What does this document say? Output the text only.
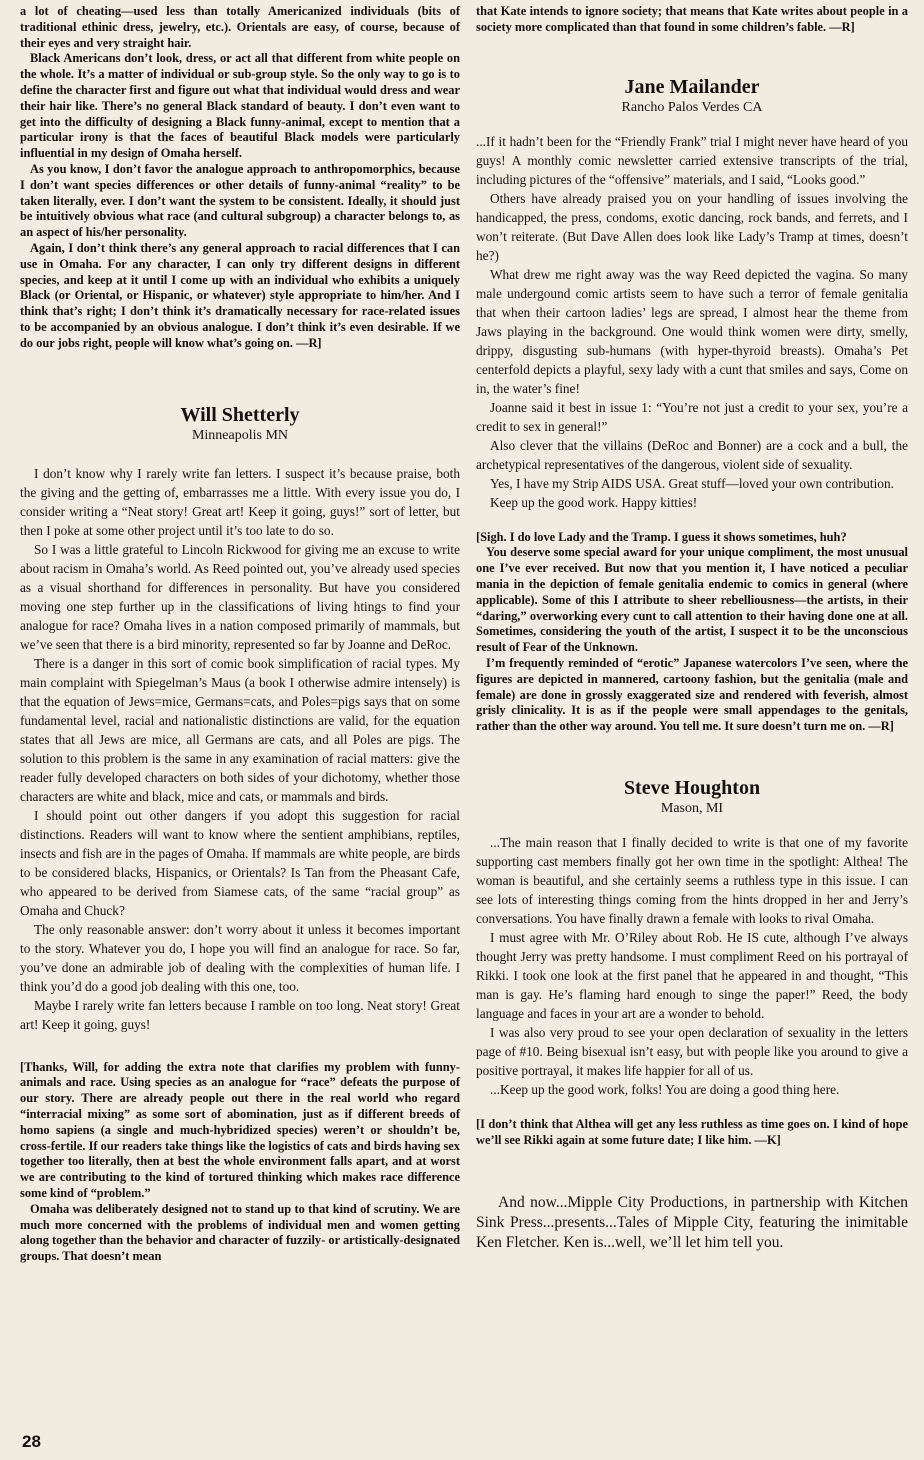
a lot of cheating—used less than totally Americanized individuals (bits of traditional ethinic dress, jewelry, etc.). Orientals are easy, of course, because of their eyes and very straight hair.

Black Americans don’t look, dress, or act all that different from white people on the whole. It’s a matter of individual or sub-group style. So the only way to go is to define the character first and figure out what that individual would dress and wear their hair like. There’s no general Black standard of beauty. I don’t even want to get into the difficulty of designing a Black funny-animal, except to mention that a particular irony is that the faces of beautiful Black models were particularly influential in my design of Omaha herself.

As you know, I don’t favor the analogue approach to anthropomorphics, because I don’t want species differences or other details of funny-animal “reality” to be taken literally, ever. I don’t want the system to be consistent. Ideally, it should just be intuitively obvious what race (and cultural subgroup) a character belongs to, as an aspect of his/her personality.

Again, I don’t think there’s any general approach to racial differences that I can use in Omaha. For any character, I can only try different designs in different species, and keep at it until I come up with an individual who exhibits a uniquely Black (or Oriental, or Hispanic, or whatever) style appropriate to him/her. And I think that’s right; I don’t think it’s dramatically necessary for race-related issues to be accompanied by an obvious analogue. I don’t think it’s even desirable. If we do our jobs right, people will know what’s going on. —R]

Will Shetterly
Minneapolis MN

I don’t know why I rarely write fan letters. I suspect it’s because praise, both the giving and the getting of, embarrasses me a little. With every issue you do, I consider writing a “Neat story! Great art! Keep it going, guys!” sort of letter, but then I poke at some other project until it’s too late to do so.

So I was a little grateful to Lincoln Rickwood for giving me an excuse to write about racism in Omaha’s world. As Reed pointed out, you’ve already used species as a visual shorthand for differences in personality. But have you considered moving one step further up in the classifications of living htings to find your analogue for race? Omaha lives in a nation composed primarily of mammals, but we’ve seen that there is a bird minority, represented so far by Joanne and DeRoc.

There is a danger in this sort of comic book simplification of racial types. My main complaint with Spiegelman’s Maus (a book I otherwise admire intensely) is that the equation of Jews=mice, Germans=cats, and Poles=pigs says that on some fundamental level, racial and nationalistic distinctions are valid, for the equation states that all Jews are mice, all Germans are cats, and all Poles are pigs. The solution to this problem is the same in any examination of racial matters: give the reader fully developed characters on both sides of your dichotomy, whether those characters are white and black, mice and cats, or mammals and birds.

I should point out other dangers if you adopt this suggestion for racial distinctions. Readers will want to know where the sentient amphibians, reptiles, insects and fish are in the pages of Omaha. If mammals are white people, are birds to be considered blacks, Hispanics, or Orientals? Is Tan from the Pheasant Cafe, who appeared to be derived from Siamese cats, of the same “racial group” as Omaha and Chuck?

The only reasonable answer: don’t worry about it unless it becomes important to the story. Whatever you do, I hope you will find an analogue for race. So far, you’ve done an admirable job of dealing with the complexities of human life. I think you’d do a good job dealing with this one, too.

Maybe I rarely write fan letters because I ramble on too long. Neat story! Great art! Keep it going, guys!

[Thanks, Will, for adding the extra note that clarifies my problem with funny-animals and race. Using species as an analogue for “race” defeats the purpose of our story. There are already people out there in the real world who regard “interracial mixing” as some sort of abomination, just as if different breeds of homo sapiens (a single and much-hybridized species) weren’t or shouldn’t be, cross-fertile. If our readers take things like the logistics of cats and birds having sex together too literally, then at best the whole environment falls apart, and at worst we are contributing to the kind of tortured thinking which makes race difference some kind of “problem.”

Omaha was deliberately designed not to stand up to that kind of scrutiny. We are much more concerned with the problems of individual men and women getting along together than the behavior and character of fuzzily- or artistically-designated groups. That doesn’t mean

that Kate intends to ignore society; that means that Kate writes about people in a society more complicated than that found in some children’s fable. —R]

Jane Mailander
Rancho Palos Verdes CA

...If it hadn’t been for the “Friendly Frank” trial I might never have heard of you guys! A monthly comic newsletter carried extensive transcripts of the trial, including pictures of the “offensive” materials, and I said, “Looks good.”

Others have already praised you on your handling of issues involving the handicapped, the press, condoms, exotic dancing, rock bands, and ferrets, and I won’t reiterate. (But Dave Allen does look like Lady’s Tramp at times, doesn’t he?)

What drew me right away was the way Reed depicted the vagina. So many male undergound comic artists seem to have such a terror of female genitalia that when their cartoon ladies’ legs are spread, I almost hear the theme from Jaws playing in the background. One would think women were dirty, smelly, drippy, disgusting sub-humans (with hyper-thyroid breasts). Omaha’s Pet centerfold depicts a playful, sexy lady with a cunt that smiles and says, Come on in, the water’s fine!

Joanne said it best in issue 1: “You’re not just a credit to your sex, you’re a credit to sex in general!”

Also clever that the villains (DeRoc and Bonner) are a cock and a bull, the archetypical representatives of the dangerous, violent side of sexuality.

Yes, I have my Strip AIDS USA. Great stuff—loved your own contribution.

Keep up the good work. Happy kitties!

[Sigh. I do love Lady and the Tramp. I guess it shows sometimes, huh?

You deserve some special award for your unique compliment, the most unusual one I’ve ever received. But now that you mention it, I have noticed a peculiar mania in the depiction of female genitalia endemic to comics in general (where applicable). Some of this I attribute to sheer rebelliousness—the artists, in their “daring,” overworking every cunt to call attention to their having done one at all. Sometimes, considering the youth of the artist, I suspect it to be the unconscious result of Fear of the Unknown.

I’m frequently reminded of “erotic” Japanese watercolors I’ve seen, where the figures are depicted in mannered, cartoony fashion, but the genitalia (male and female) are done in grossly exaggerated size and rendered with feverish, almost grisly clinicality. It is as if the people were small appendages to the genitals, rather than the other way around. You tell me. It sure doesn’t turn me on. —R]

Steve Houghton
Mason, MI

...The main reason that I finally decided to write is that one of my favorite supporting cast members finally got her own time in the spotlight: Althea! The woman is beautiful, and she certainly seems a ruthless type in this issue. I can see lots of interesting things coming from the hints dropped in her and Jerry’s conversations. You have finally drawn a female with looks to rival Omaha.

I must agree with Mr. O’Riley about Rob. He IS cute, although I’ve always thought Jerry was pretty handsome. I must compliment Reed on his portrayal of Rikki. I took one look at the first panel that he appeared in and thought, “This man is gay. He’s flaming hard enough to singe the paper!” Reed, the body language and faces in your art are a wonder to behold.

I was also very proud to see your open declaration of sexuality in the letters page of #10. Being bisexual isn’t easy, but with people like you around to give a positive portrayal, it makes life happier for all of us.

...Keep up the good work, folks! You are doing a good thing here.

[I don’t think that Althea will get any less ruthless as time goes on. I kind of hope we’ll see Rikki again at some future date; I like him. —K]

And now...Mipple City Productions, in partnership with Kitchen Sink Press...presents...Tales of Mipple City, featuring the inimitable Ken Fletcher. Ken is...well, we’ll let him tell you.

28
